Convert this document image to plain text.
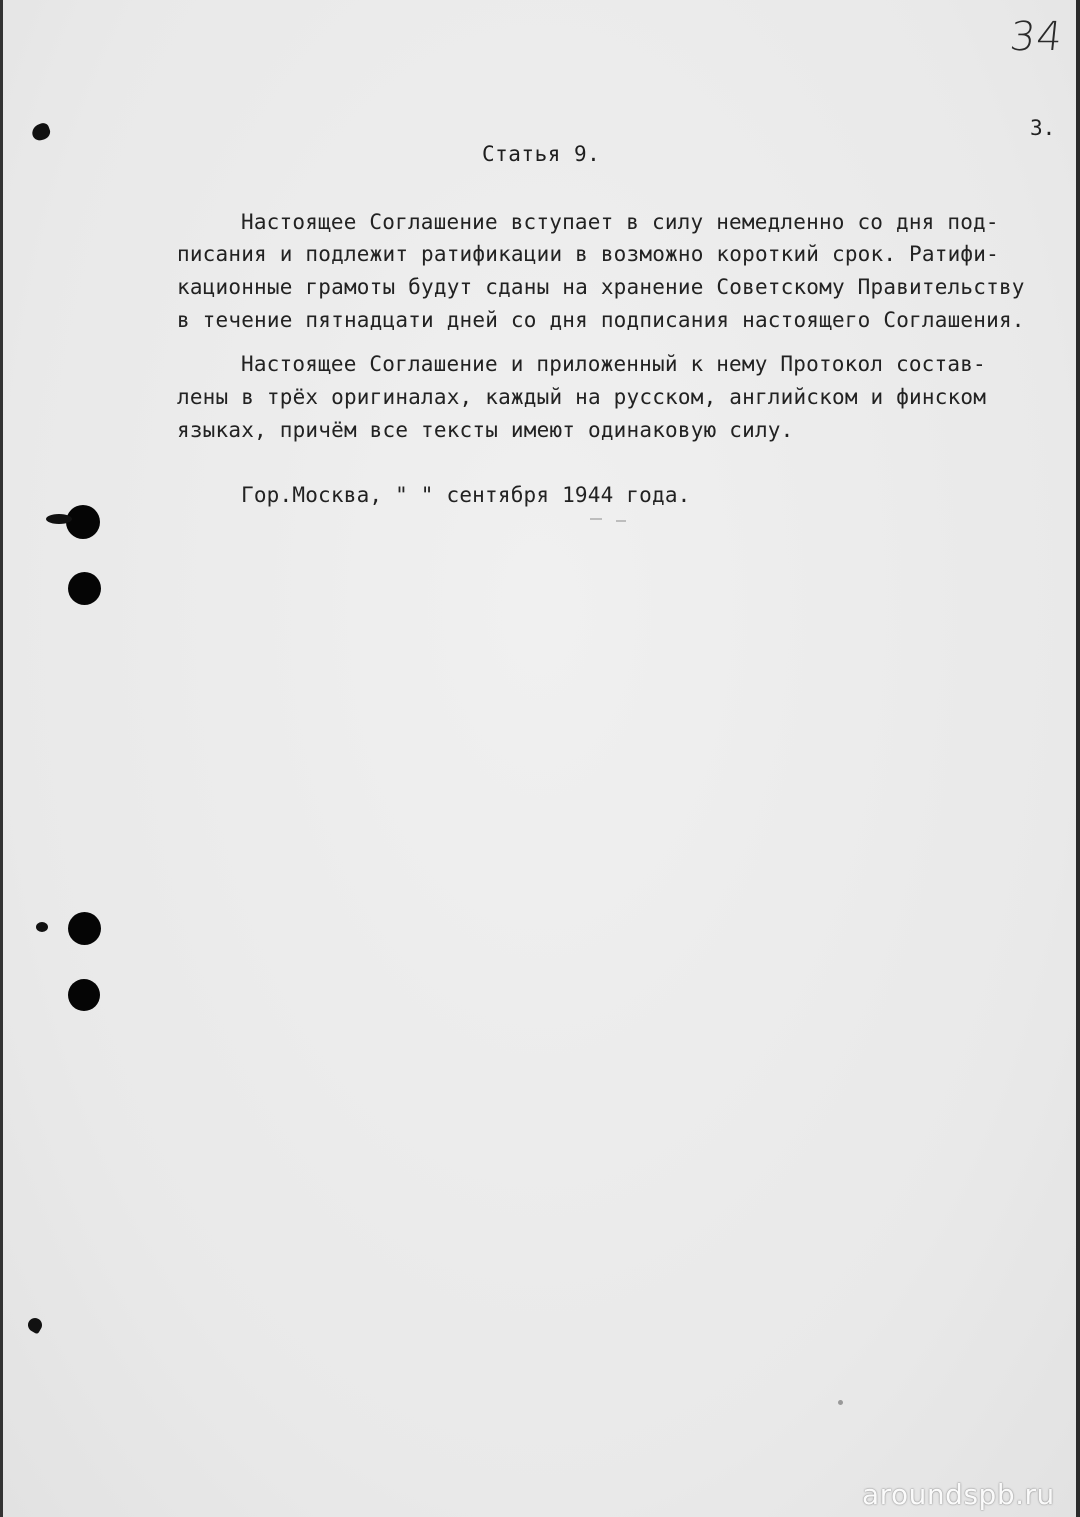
34
3.
Статья 9.
Настоящее Соглашение вступает в силу немедленно со дня под-
писания и подлежит ратификации в возможно короткий срок. Ратифи-
кационные грамоты будут сданы на хранение Советскому Правительству
в течение пятнадцати дней со дня подписания настоящего Соглашения.
Настоящее Соглашение и приложенный к нему Протокол состав-
лены в трёх оригиналах, каждый на русском, английском и финском
языках, причём все тексты имеют одинаковую силу.
Гор.Москва, " " сентября 1944 года.
aroundspb.ru
